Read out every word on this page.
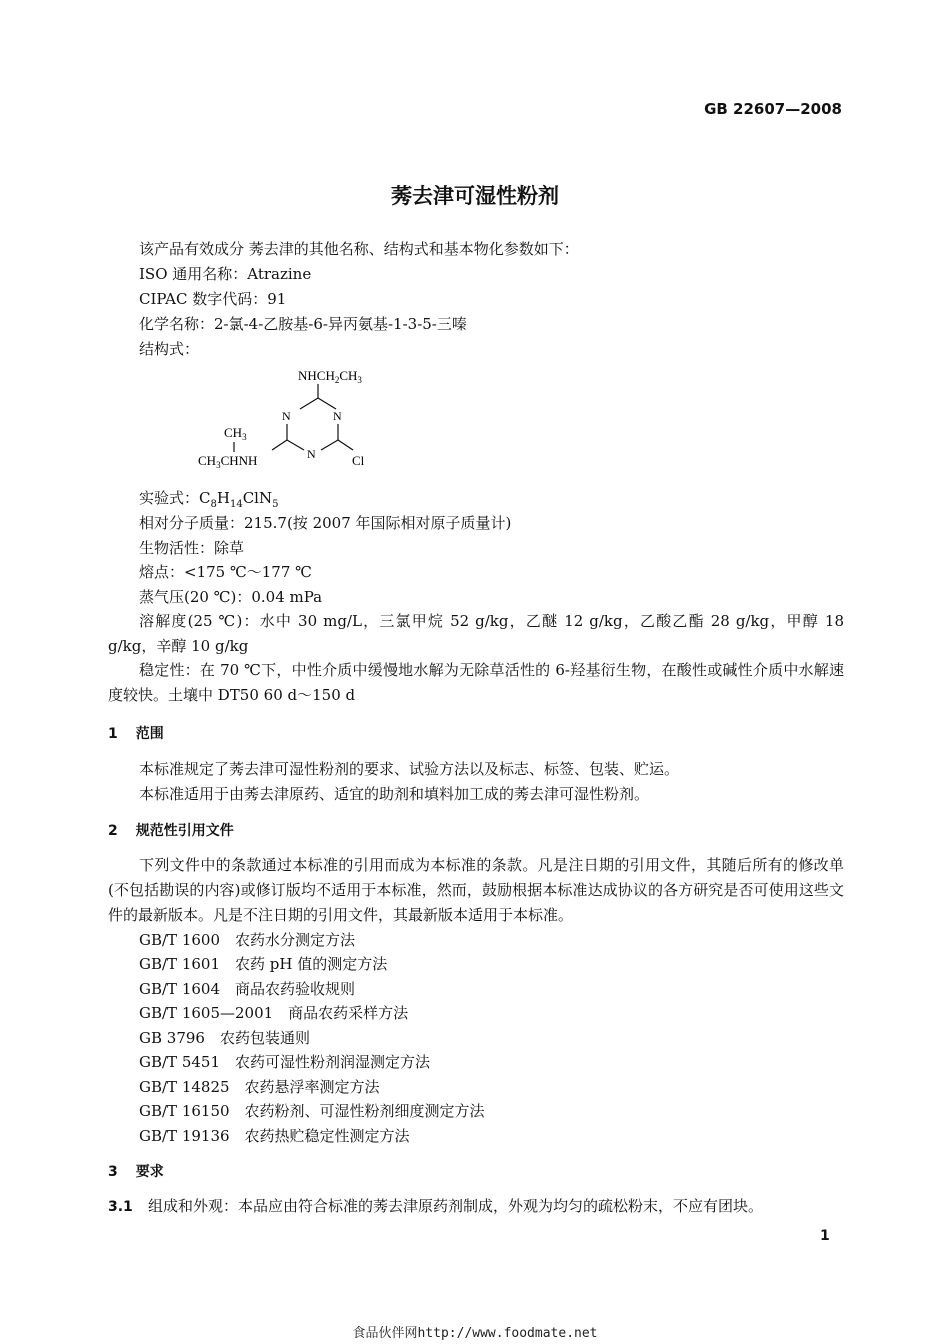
GB 22607—2008
莠去津可湿性粉剂
该产品有效成分 莠去津的其他名称、结构式和基本物化参数如下：
ISO 通用名称：Atrazine
CIPAC 数字代码：91
化学名称：2-氯-4-乙胺基-6-异丙氨基-1-3-5-三嗪
结构式：
$NHCH_2CH_3$
N	N
N	Cl
$CH_3$
$CH_3CHNH$
实验式：$C_8H_{14}ClN_5$
相对分子质量：215.7(按 2007 年国际相对原子质量计)
生物活性：除草
熔点：<175 ℃～177 ℃
蒸气压(20 ℃)：0.04 mPa
溶解度(25 ℃)：水中 30 mg/L，三氯甲烷 52 g/kg，乙醚 12 g/kg，乙酸乙酯 28 g/kg，甲醇 18 g/kg，辛醇 10 g/kg
稳定性：在 70 ℃下，中性介质中缓慢地水解为无除草活性的 6-羟基衍生物，在酸性或碱性介质中水解速度较快。土壤中 DT50 60 d～150 d
1 范围
本标准规定了莠去津可湿性粉剂的要求、试验方法以及标志、标签、包装、贮运。
本标准适用于由莠去津原药、适宜的助剂和填料加工成的莠去津可湿性粉剂。
2 规范性引用文件
下列文件中的条款通过本标准的引用而成为本标准的条款。凡是注日期的引用文件，其随后所有的修改单(不包括勘误的内容)或修订版均不适用于本标准，然而，鼓励根据本标准达成协议的各方研究是否可使用这些文件的最新版本。凡是不注日期的引用文件，其最新版本适用于本标准。
GB/T 1600　农药水分测定方法
GB/T 1601　农药 pH 值的测定方法
GB/T 1604　商品农药验收规则
GB/T 1605—2001　商品农药采样方法
GB 3796　农药包装通则
GB/T 5451　农药可湿性粉剂润湿测定方法
GB/T 14825　农药悬浮率测定方法
GB/T 16150　农药粉剂、可湿性粉剂细度测定方法
GB/T 19136　农药热贮稳定性测定方法
3 要求
3.1 组成和外观：本品应由符合标准的莠去津原药剂制成，外观为均匀的疏松粉末，不应有团块。
1
食品伙伴网http://www.foodmate.net
